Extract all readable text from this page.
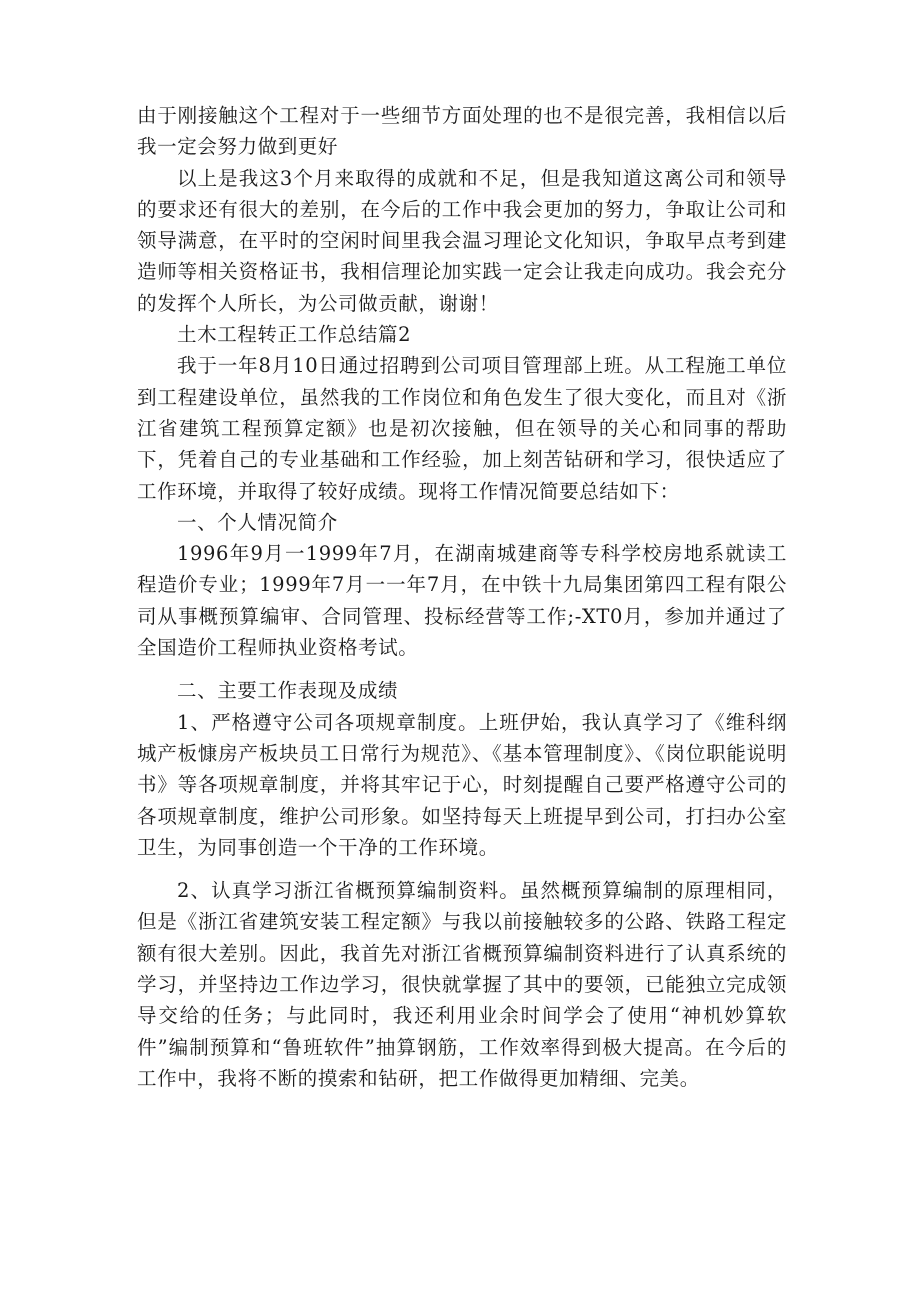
由于刚接触这个工程对于一些细节方面处理的也不是很完善，我相信以后我一定会努力做到更好

以上是我这3个月来取得的成就和不足，但是我知道这离公司和领导的要求还有很大的差别，在今后的工作中我会更加的努力，争取让公司和领导满意，在平时的空闲时间里我会温习理论文化知识，争取早点考到建造师等相关资格证书，我相信理论加实践一定会让我走向成功。我会充分的发挥个人所长，为公司做贡献，谢谢！

土木工程转正工作总结篇2

我于一年8月10日通过招聘到公司项目管理部上班。从工程施工单位到工程建设单位，虽然我的工作岗位和角色发生了很大变化，而且对《浙江省建筑工程预算定额》也是初次接触，但在领导的关心和同事的帮助下，凭着自己的专业基础和工作经验，加上刻苦钻研和学习，很快适应了工作环境，并取得了较好成绩。现将工作情况简要总结如下：

一、个人情况简介

1996年9月一1999年7月，在湖南城建商等专科学校房地系就读工程造价专业；1999年7月一一年7月，在中铁十九局集团第四工程有限公司从事概预算编审、合同管理、投标经营等工作;-XT0月，参加并通过了全国造价工程师执业资格考试。

二、主要工作表现及成绩

1、严格遵守公司各项规章制度。上班伊始，我认真学习了《维科纲城产板慷房产板块员工日常行为规范》、《基本管理制度》、《岗位职能说明书》等各项规章制度，并将其牢记于心，时刻提醒自己要严格遵守公司的各项规章制度，维护公司形象。如坚持每天上班提早到公司，打扫办公室卫生，为同事创造一个干净的工作环境。

2、认真学习浙江省概预算编制资料。虽然概预算编制的原理相同，但是《浙江省建筑安装工程定额》与我以前接触较多的公路、铁路工程定额有很大差别。因此，我首先对浙江省概预算编制资料进行了认真系统的学习，并坚持边工作边学习，很快就掌握了其中的要领，已能独立完成领导交给的任务；与此同时，我还利用业余时间学会了使用“神机妙算软件”编制预算和“鲁班软件”抽算钢筋，工作效率得到极大提高。在今后的工作中，我将不断的摸索和钻研，把工作做得更加精细、完美。
